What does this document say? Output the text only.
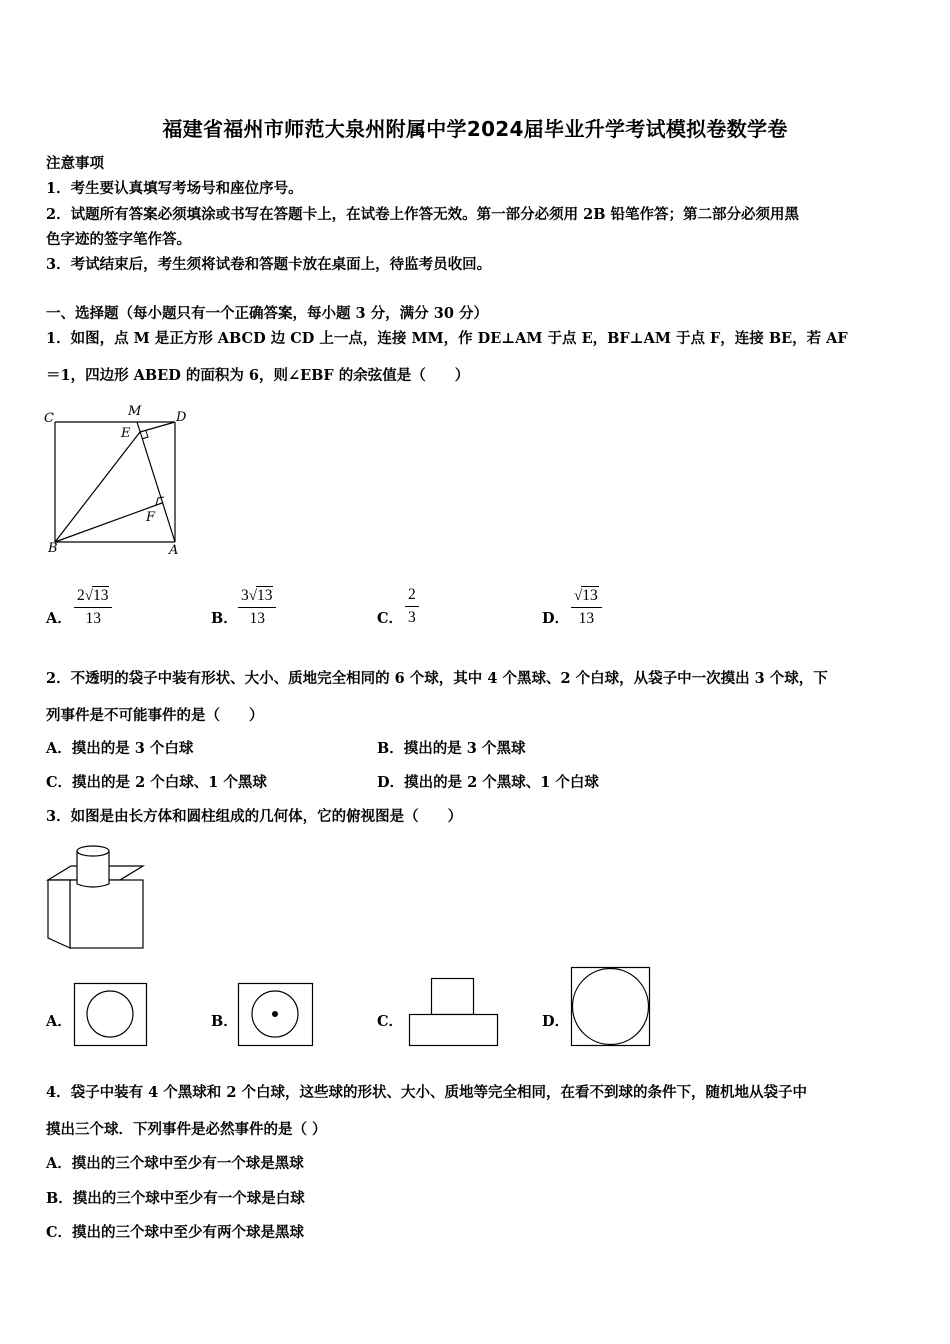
福建省福州市师范大泉州附属中学2024届毕业升学考试模拟卷数学卷
注意事项
1．考生要认真填写考场号和座位序号。
2．试题所有答案必须填涂或书写在答题卡上，在试卷上作答无效。第一部分必须用 2B 铅笔作答；第二部分必须用黑
色字迹的签字笔作答。
3．考试结束后，考生须将试卷和答题卡放在桌面上，待监考员收回。
一、选择题（每小题只有一个正确答案，每小题 3 分，满分 30 分）
1．如图，点 M 是正方形 ABCD 边 CD 上一点，连接 MM，作 DE⊥AM 于点 E，BF⊥AM 于点 F，连接 BE，若 AF
＝1，四边形 ABED 的面积为 6，则∠EBF 的余弦值是（　　）
C	M	D
E
F
B	A
A． $\frac{2√13}{13}$	B． $\frac{3√13}{13}$	C． $\frac{2}{3}$	D． $\frac{√13}{13}$
2．不透明的袋子中装有形状、大小、质地完全相同的 6 个球，其中 4 个黑球、2 个白球，从袋子中一次摸出 3 个球，下
列事件是不可能事件的是（　　）
A．摸出的是 3 个白球	B．摸出的是 3 个黑球
C．摸出的是 2 个白球、1 个黑球	D．摸出的是 2 个黑球、1 个白球
3．如图是由长方体和圆柱组成的几何体，它的俯视图是（　　）
A．	B．	C．	D．
4．袋子中装有 4 个黑球和 2 个白球，这些球的形状、大小、质地等完全相同，在看不到球的条件下，随机地从袋子中
摸出三个球．下列事件是必然事件的是（ ）
A．摸出的三个球中至少有一个球是黑球
B．摸出的三个球中至少有一个球是白球
C．摸出的三个球中至少有两个球是黑球
